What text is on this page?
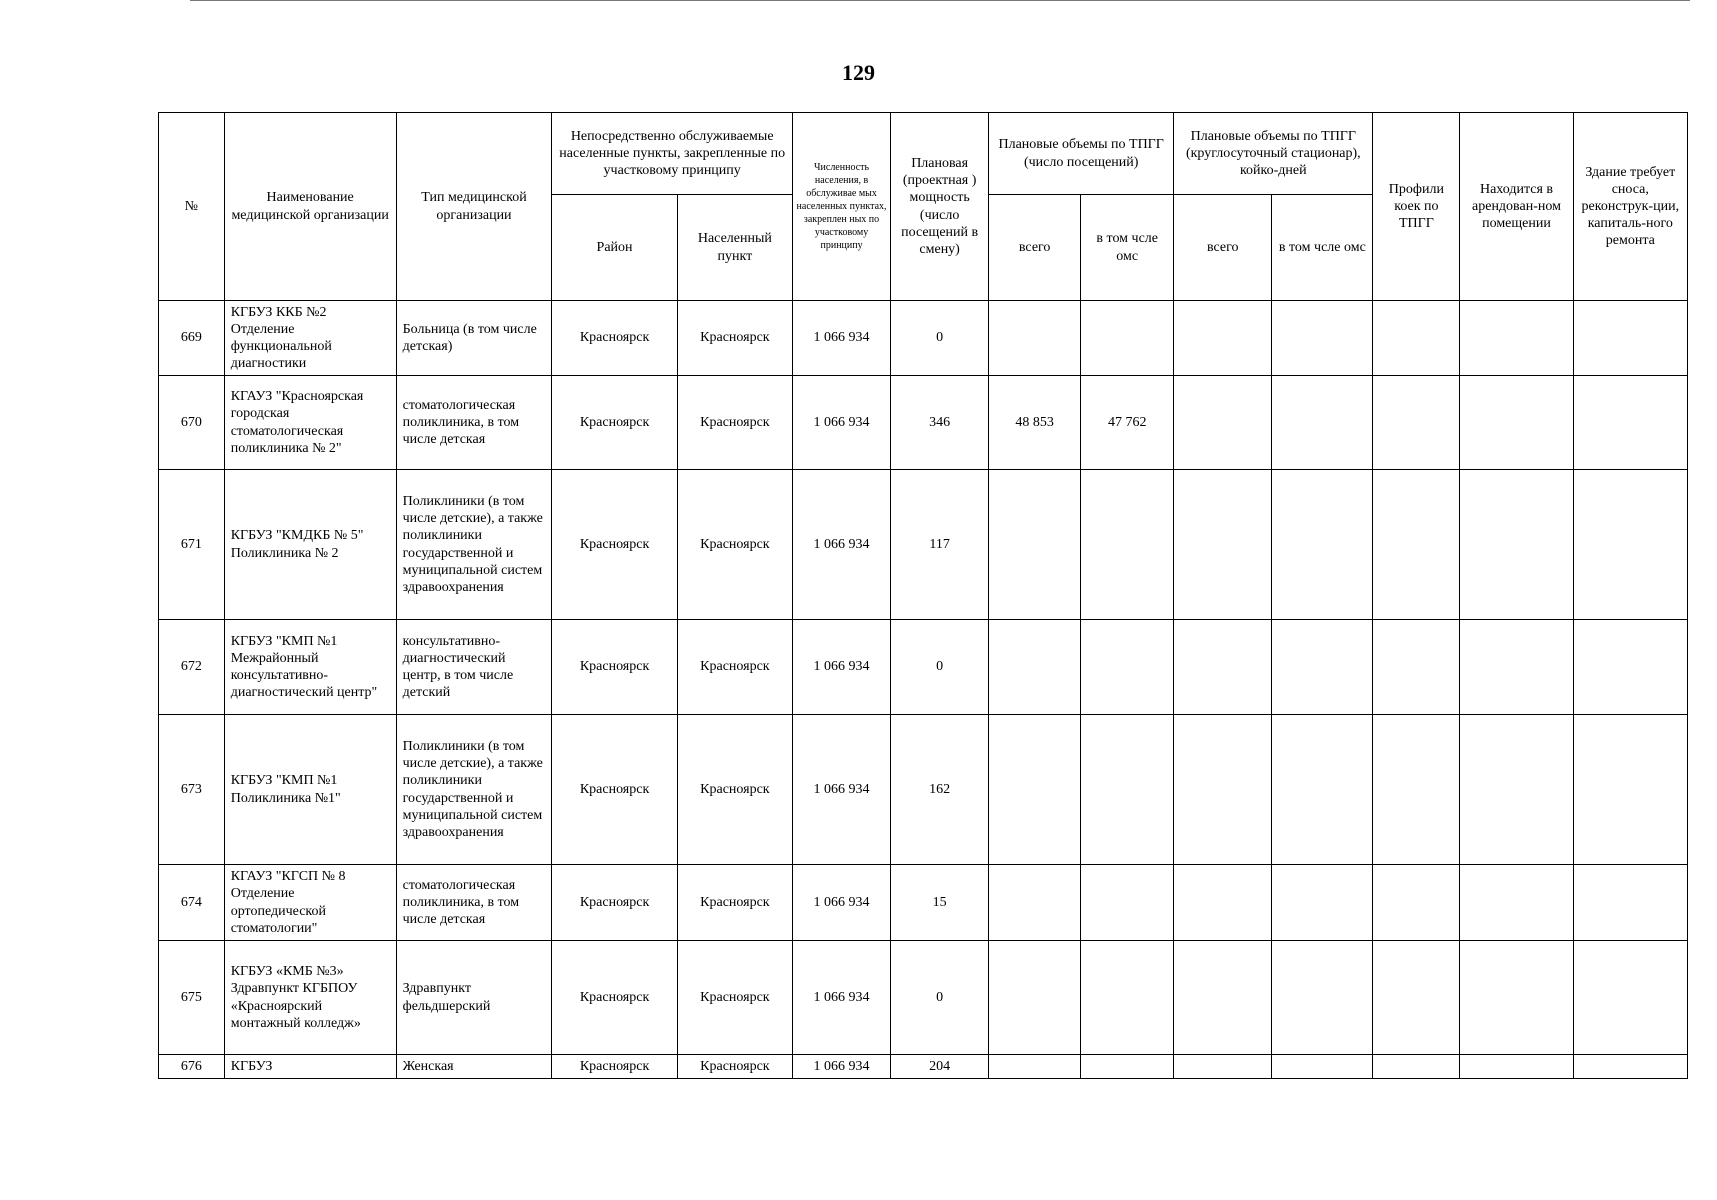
129
№	Наименование медицинской организации	Тип медицинской организации	Непосредственно обслуживаемые населенные пункты, закрепленные по участковому принципу		Численность населения, в обслуживае мых населенных пунктах, закреплен ных по участковому принципу	Плановая (проектная ) мощность (число посещений в смену)	Плановые объемы по ТПГГ (число посещений)		Плановые объемы по ТПГГ (круглосуточный стационар), койко-дней		Профили коек по ТПГГ	Находится в арендован-ном помещении	Здание требует сноса, реконструк-ции, капиталь-ного ремонта
			Район	Населенный пункт			всего	в том чсле омс	всего	в том чсле омс			
669	КГБУЗ ККБ №2 Отделение функциональной диагностики	Больница (в том числе детская)	Красноярск	Красноярск	1 066 934	0							
670	КГАУЗ "Красноярская городская стоматологическая поликлиника № 2"	стоматологическая поликлиника, в том числе детская	Красноярск	Красноярск	1 066 934	346	48 853	47 762					
671	КГБУЗ "КМДКБ № 5" Поликлиника № 2	Поликлиники (в том числе детские), а также поликлиники государственной и муниципальной систем здравоохранения	Красноярск	Красноярск	1 066 934	117							
672	КГБУЗ "КМП №1 Межрайонный консультативно-диагностический центр"	консультативно-диагностический центр, в том числе детский	Красноярск	Красноярск	1 066 934	0							
673	КГБУЗ "КМП №1 Поликлиника №1"	Поликлиники (в том числе детские), а также поликлиники государственной и муниципальной систем здравоохранения	Красноярск	Красноярск	1 066 934	162							
674	КГАУЗ "КГСП № 8 Отделение ортопедической стоматологии"	стоматологическая поликлиника, в том числе детская	Красноярск	Красноярск	1 066 934	15							
675	КГБУЗ «КМБ №3» Здравпункт КГБПОУ «Красноярский монтажный колледж»	Здравпункт фельдшерский	Красноярск	Красноярск	1 066 934	0							
676	КГБУЗ	Женская	Красноярск	Красноярск	1 066 934	204							
